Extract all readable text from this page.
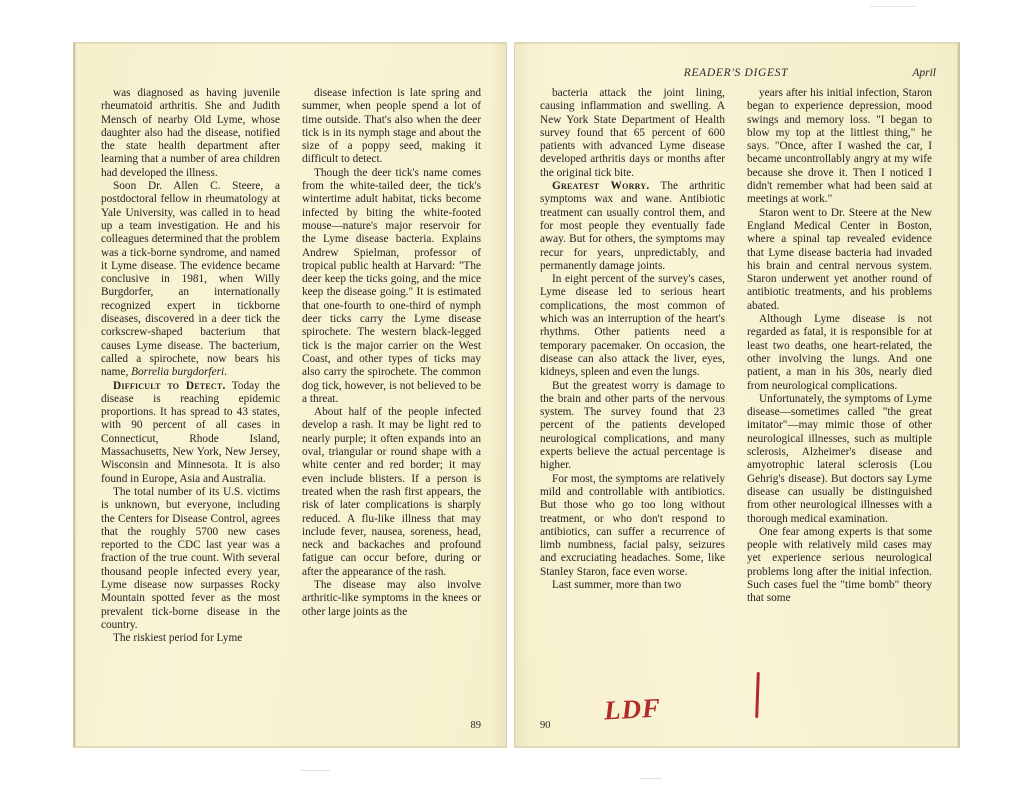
was diagnosed as having juvenile rheumatoid arthritis. She and Judith Mensch of nearby Old Lyme, whose daughter also had the disease, notified the state health department after learning that a number of area children had developed the illness.

Soon Dr. Allen C. Steere, a postdoctoral fellow in rheumatology at Yale University, was called in to head up a team investigation. He and his colleagues determined that the problem was a tick-borne syndrome, and named it Lyme disease. The evidence became conclusive in 1981, when Willy Burgdorfer, an internationally recognized expert in tickborne diseases, discovered in a deer tick the corkscrew-shaped bacterium that causes Lyme disease. The bacterium, called a spirochete, now bears his name, Borrelia burgdorferi.

Difficult to Detect. Today the disease is reaching epidemic proportions. It has spread to 43 states, with 90 percent of all cases in Connecticut, Rhode Island, Massachusetts, New York, New Jersey, Wisconsin and Minnesota. It is also found in Europe, Asia and Australia.

The total number of its U.S. victims is unknown, but everyone, including the Centers for Disease Control, agrees that the roughly 5700 new cases reported to the CDC last year was a fraction of the true count. With several thousand people infected every year, Lyme disease now surpasses Rocky Mountain spotted fever as the most prevalent tick-borne disease in the country.

The riskiest period for Lyme

disease infection is late spring and summer, when people spend a lot of time outside. That's also when the deer tick is in its nymph stage and about the size of a poppy seed, making it difficult to detect.

Though the deer tick's name comes from the white-tailed deer, the tick's wintertime adult habitat, ticks become infected by biting the white-footed mouse—nature's major reservoir for the Lyme disease bacteria. Explains Andrew Spielman, professor of tropical public health at Harvard: "The deer keep the ticks going, and the mice keep the disease going." It is estimated that one-fourth to one-third of nymph deer ticks carry the Lyme disease spirochete. The western black-legged tick is the major carrier on the West Coast, and other types of ticks may also carry the spirochete. The common dog tick, however, is not believed to be a threat.

About half of the people infected develop a rash. It may be light red to nearly purple; it often expands into an oval, triangular or round shape with a white center and red border; it may even include blisters. If a person is treated when the rash first appears, the risk of later complications is sharply reduced. A flu-like illness that may include fever, nausea, soreness, head, neck and backaches and profound fatigue can occur before, during or after the appearance of the rash.

The disease may also involve arthritic-like symptoms in the knees or other large joints as the

89
READER'S DIGEST	April

bacteria attack the joint lining, causing inflammation and swelling. A New York State Department of Health survey found that 65 percent of 600 patients with advanced Lyme disease developed arthritis days or months after the original tick bite.

Greatest Worry. The arthritic symptoms wax and wane. Antibiotic treatment can usually control them, and for most people they eventually fade away. But for others, the symptoms may recur for years, unpredictably, and permanently damage joints.

In eight percent of the survey's cases, Lyme disease led to serious heart complications, the most common of which was an interruption of the heart's rhythms. Other patients need a temporary pacemaker. On occasion, the disease can also attack the liver, eyes, kidneys, spleen and even the lungs.

But the greatest worry is damage to the brain and other parts of the nervous system. The survey found that 23 percent of the patients developed neurological complications, and many experts believe the actual percentage is higher.

For most, the symptoms are relatively mild and controllable with antibiotics. But those who go too long without treatment, or who don't respond to antibiotics, can suffer a recurrence of limb numbness, facial palsy, seizures and excruciating headaches. Some, like Stanley Staron, face even worse.

Last summer, more than two

years after his initial infection, Staron began to experience depression, mood swings and memory loss. "I began to blow my top at the littlest thing," he says. "Once, after I washed the car, I became uncontrollably angry at my wife because she drove it. Then I noticed I didn't remember what had been said at meetings at work."

Staron went to Dr. Steere at the New England Medical Center in Boston, where a spinal tap revealed evidence that Lyme disease bacteria had invaded his brain and central nervous system. Staron underwent yet another round of antibiotic treatments, and his problems abated.

Although Lyme disease is not regarded as fatal, it is responsible for at least two deaths, one heart-related, the other involving the lungs. And one patient, a man in his 30s, nearly died from neurological complications.

Unfortunately, the symptoms of Lyme disease—sometimes called "the great imitator"—may mimic those of other neurological illnesses, such as multiple sclerosis, Alzheimer's disease and amyotrophic lateral sclerosis (Lou Gehrig's disease). But doctors say Lyme disease can usually be distinguished from other neurological illnesses with a thorough medical examination.

One fear among experts is that some people with relatively mild cases may yet experience serious neurological problems long after the initial infection. Such cases fuel the "time bomb" theory that some

90
LDF
